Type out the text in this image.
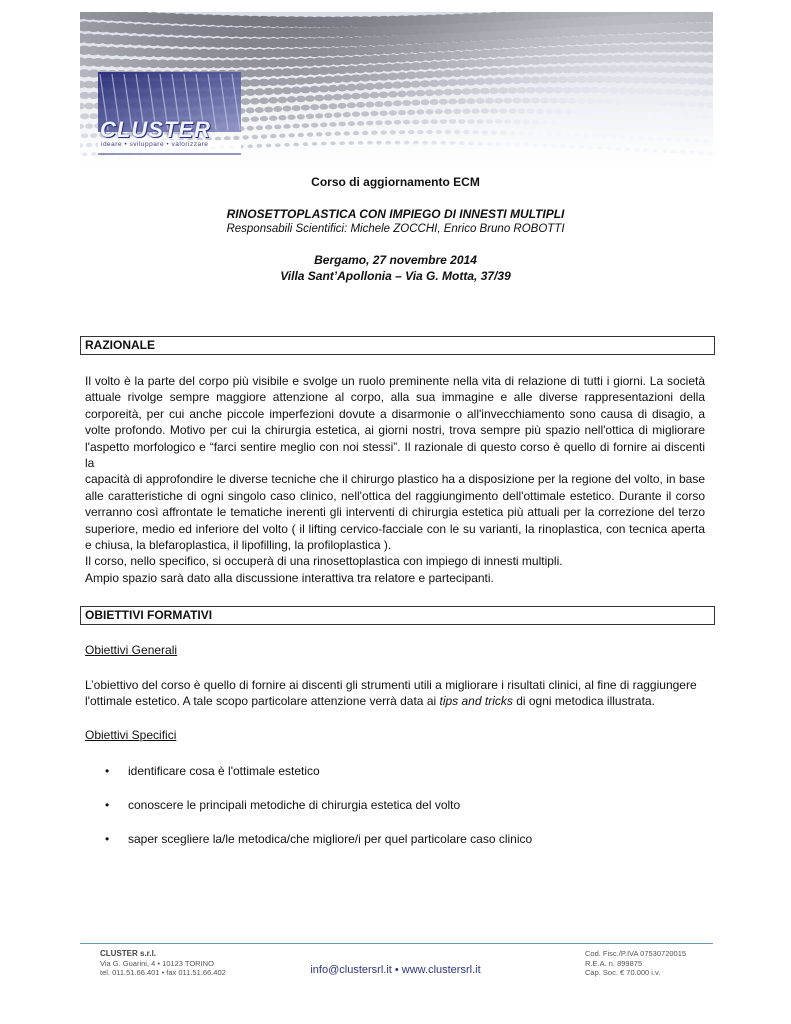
CLUSTER
ideare • sviluppare • valorizzare
Corso di aggiornamento ECM
RINOSETTOPLASTICA CON IMPIEGO DI INNESTI MULTIPLI
Responsabili Scientifici: Michele ZOCCHI, Enrico Bruno ROBOTTI
Bergamo, 27 novembre 2014
Villa Sant’Apollonia – Via G. Motta, 37/39
RAZIONALE
Il volto è la parte del corpo più visibile e svolge un ruolo preminente nella vita di relazione di tutti i giorni. La società
attuale rivolge sempre maggiore attenzione al corpo, alla sua immagine e alle diverse rappresentazioni della
corporeità, per cui anche piccole imperfezioni dovute a disarmonie o all'invecchiamento sono causa di disagio, a
volte profondo. Motivo per cui la chirurgia estetica, ai giorni nostri, trova sempre più spazio nell'ottica di migliorare
l'aspetto morfologico e “farci sentire meglio con noi stessi”. Il razionale di questo corso è quello di fornire ai discenti la
capacità di approfondire le diverse tecniche che il chirurgo plastico ha a disposizione per la regione del volto, in base
alle caratteristiche di ogni singolo caso clinico, nell'ottica del raggiungimento dell'ottimale estetico. Durante il corso
verranno così affrontate le tematiche inerenti gli interventi di chirurgia estetica più attuali per la correzione del terzo
superiore, medio ed inferiore del volto ( il lifting cervico-facciale con le su varianti, la rinoplastica, con tecnica aperta
e chiusa, la blefaroplastica, il lipofilling, la profiloplastica ).
Il corso, nello specifico, si occuperà di una rinosettoplastica con impiego di innesti multipli.
Ampio spazio sarà dato alla discussione interattiva tra relatore e partecipanti.
OBIETTIVI FORMATIVI
Obiettivi Generali
L’obiettivo del corso è quello di fornire ai discenti gli strumenti utili a migliorare i risultati clinici, al fine di raggiungere
l'ottimale estetico. A tale scopo particolare attenzione verrà data ai tips and tricks di ogni metodica illustrata.
Obiettivi Specifici
• identificare cosa è l'ottimale estetico
• conoscere le principali metodiche di chirurgia estetica del volto
• saper scegliere la/le metodica/che migliore/i per quel particolare caso clinico
CLUSTER s.r.l.
Via G. Guarini, 4 • 10123 TORINO
tel. 011.51.66.401 • fax 011.51.66.402	info@clustersrl.it • www.clustersrl.it
Cod. Fisc./P.IVA 07530720015
R.E.A. n. 899875
Cap. Soc. € 70.000 i.v.
